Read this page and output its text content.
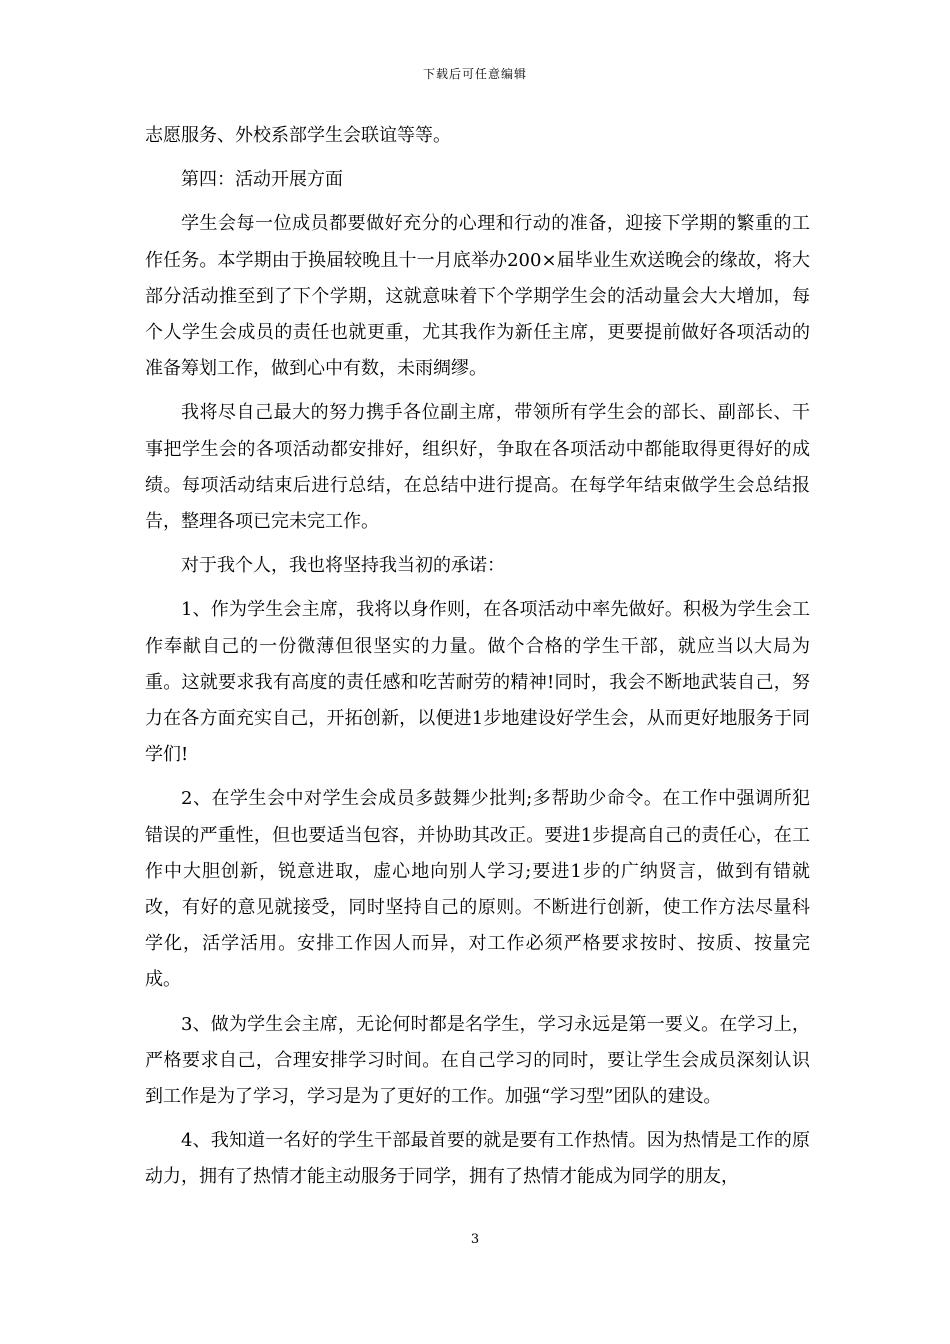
下载后可任意编辑

志愿服务、外校系部学生会联谊等等。

第四：活动开展方面

学生会每一位成员都要做好充分的心理和行动的准备，迎接下学期的繁重的工作任务。本学期由于换届较晚且十一月底举办200×届毕业生欢送晚会的缘故，将大部分活动推至到了下个学期，这就意味着下个学期学生会的活动量会大大增加，每个人学生会成员的责任也就更重，尤其我作为新任主席，更要提前做好各项活动的准备筹划工作，做到心中有数，未雨绸缪。

我将尽自己最大的努力携手各位副主席，带领所有学生会的部长、副部长、干事把学生会的各项活动都安排好，组织好，争取在各项活动中都能取得更得好的成绩。每项活动结束后进行总结，在总结中进行提高。在每学年结束做学生会总结报告，整理各项已完未完工作。

对于我个人，我也将坚持我当初的承诺：

1、作为学生会主席，我将以身作则，在各项活动中率先做好。积极为学生会工作奉献自己的一份微薄但很坚实的力量。做个合格的学生干部，就应当以大局为重。这就要求我有高度的责任感和吃苦耐劳的精神!同时，我会不断地武装自己，努力在各方面充实自己，开拓创新，以便进1步地建设好学生会，从而更好地服务于同学们!

2、在学生会中对学生会成员多鼓舞少批判;多帮助少命令。在工作中强调所犯错误的严重性，但也要适当包容，并协助其改正。要进1步提高自己的责任心，在工作中大胆创新，锐意进取，虚心地向别人学习;要进1步的广纳贤言，做到有错就改，有好的意见就接受，同时坚持自己的原则。不断进行创新，使工作方法尽量科学化，活学活用。安排工作因人而异，对工作必须严格要求按时、按质、按量完成。

3、做为学生会主席，无论何时都是名学生，学习永远是第一要义。在学习上，严格要求自己，合理安排学习时间。在自己学习的同时，要让学生会成员深刻认识到工作是为了学习，学习是为了更好的工作。加强“学习型”团队的建设。

4、我知道一名好的学生干部最首要的就是要有工作热情。因为热情是工作的原动力，拥有了热情才能主动服务于同学，拥有了热情才能成为同学的朋友，

3
